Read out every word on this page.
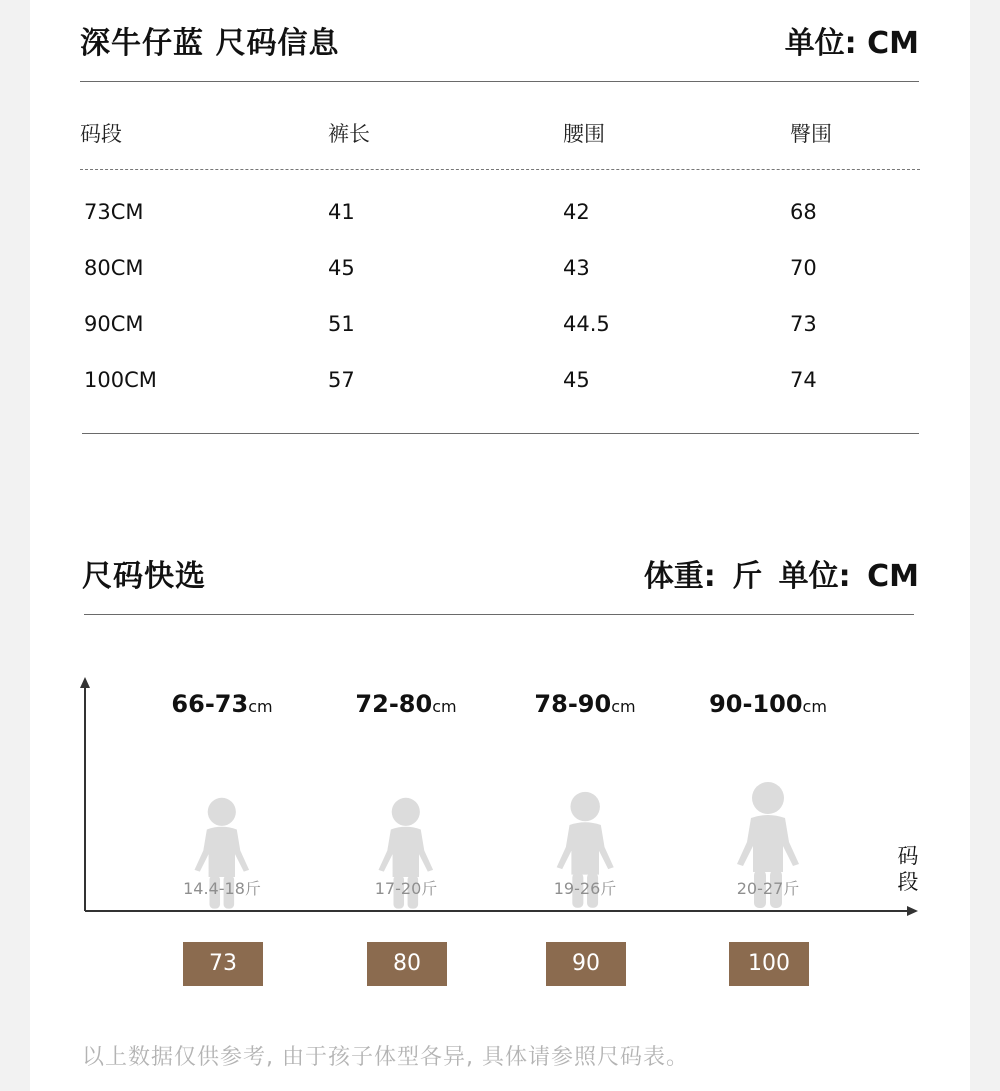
深牛仔蓝 尺码信息	单位: CM
码段	裤长	腰围	臀围
73CM	41	42	68
80CM	45	43	70
90CM	51	44.5	73
100CM	57	45	74
尺码快选	体重: 斤 单位: CM
码段
66-73cm
14.4-18斤
73
72-80cm
17-20斤
80
78-90cm
19-26斤
90
90-100cm
20-27斤
100
以上数据仅供参考, 由于孩子体型各异, 具体请参照尺码表。
